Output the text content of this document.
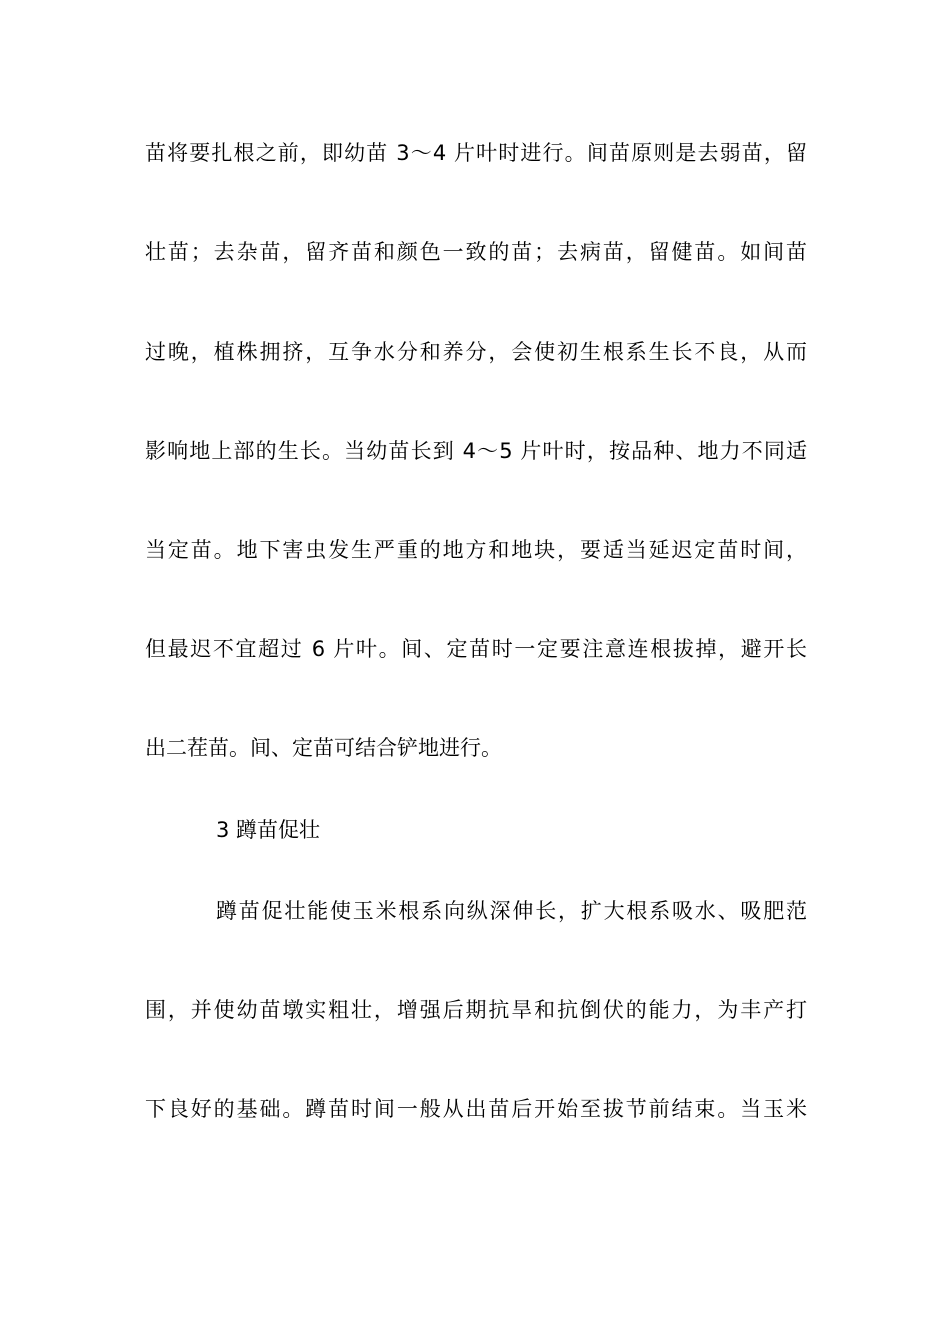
苗将要扎根之前，即幼苗 3～4 片叶时进行。间苗原则是去弱苗，留
壮苗；去杂苗，留齐苗和颜色一致的苗；去病苗，留健苗。如间苗
过晚，植株拥挤，互争水分和养分，会使初生根系生长不良，从而
影响地上部的生长。当幼苗长到 4～5 片叶时，按品种、地力不同适
当定苗。地下害虫发生严重的地方和地块，要适当延迟定苗时间，
但最迟不宜超过 6 片叶。间、定苗时一定要注意连根拔掉，避开长
出二茬苗。间、定苗可结合铲地进行。
3 蹲苗促壮
蹲苗促壮能使玉米根系向纵深伸长，扩大根系吸水、吸肥范
围，并使幼苗墩实粗壮，增强后期抗旱和抗倒伏的能力，为丰产打
下良好的基础。蹲苗时间一般从出苗后开始至拔节前结束。当玉米
